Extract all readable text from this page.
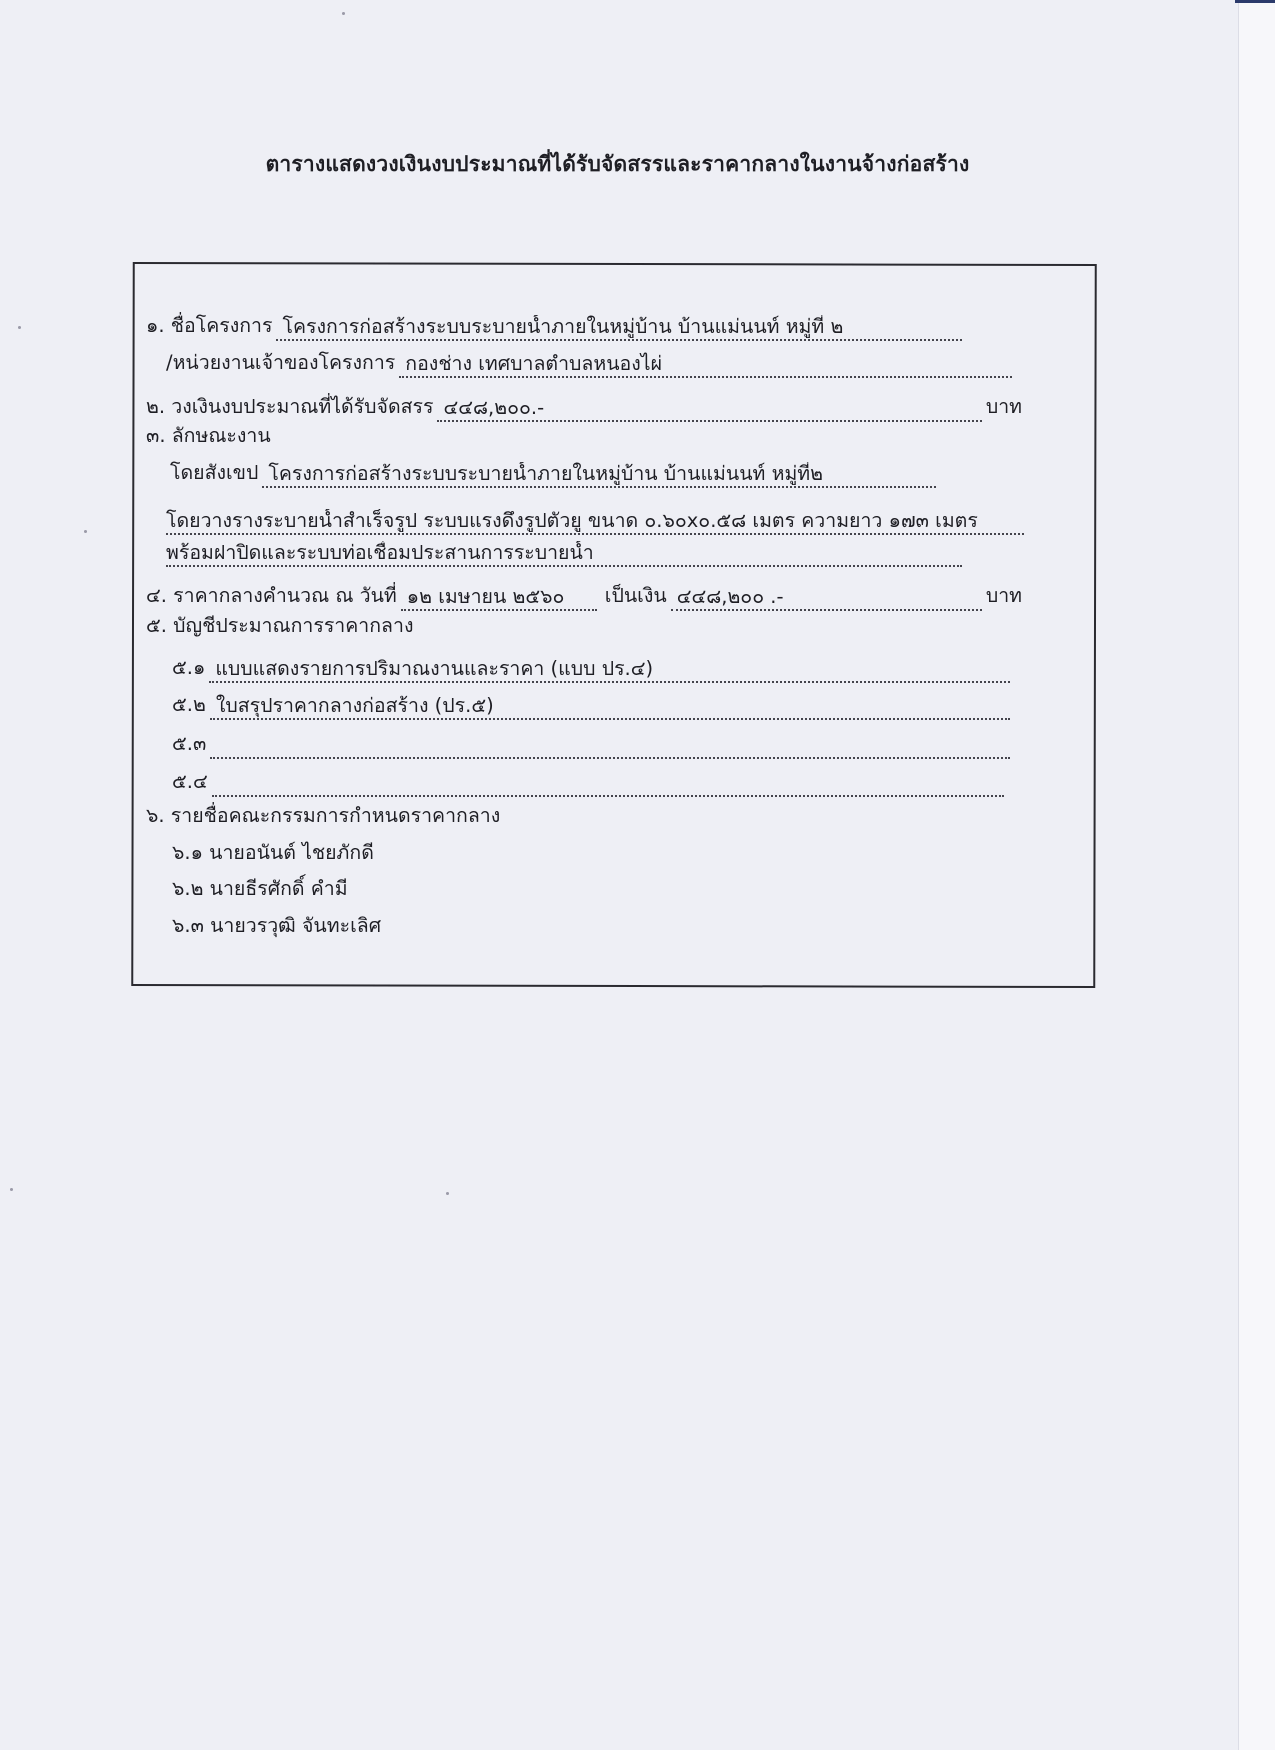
ตารางแสดงวงเงินงบประมาณที่ได้รับจัดสรรและราคากลางในงานจ้างก่อสร้าง
๑. ชื่อโครงการ โครงการก่อสร้างระบบระบายน้ำภายในหมู่บ้าน บ้านแม่นนท์ หมู่ที่ ๒
/หน่วยงานเจ้าของโครงการ กองช่าง เทศบาลตำบลหนองไผ่
๒. วงเงินงบประมาณที่ได้รับจัดสรร ๔๔๘,๒๐๐.-	บาท
๓. ลักษณะงาน
โดยสังเขป โครงการก่อสร้างระบบระบายน้ำภายในหมู่บ้าน บ้านแม่นนท์ หมู่ที่๒
โดยวางรางระบายน้ำสำเร็จรูป ระบบแรงดึงรูปตัวยู ขนาด ๐.๖๐x๐.๕๘ เมตร ความยาว ๑๗๓ เมตร
พร้อมฝาปิดและระบบท่อเชื่อมประสานการระบายน้ำ
๔. ราคากลางคำนวณ ณ วันที่ ๑๒ เมษายน ๒๕๖๐	เป็นเงิน ๔๔๘,๒๐๐ .-	บาท
๕. บัญชีประมาณการราคากลาง
๕.๑ แบบแสดงรายการปริมาณงานและราคา (แบบ ปร.๔)
๕.๒ ใบสรุปราคากลางก่อสร้าง (ปร.๕)
๕.๓
๕.๔
๖. รายชื่อคณะกรรมการกำหนดราคากลาง
๖.๑ นายอนันต์ ไชยภักดี
๖.๒ นายธีรศักดิ์ คำมี
๖.๓ นายวรวุฒิ จันทะเลิศ
